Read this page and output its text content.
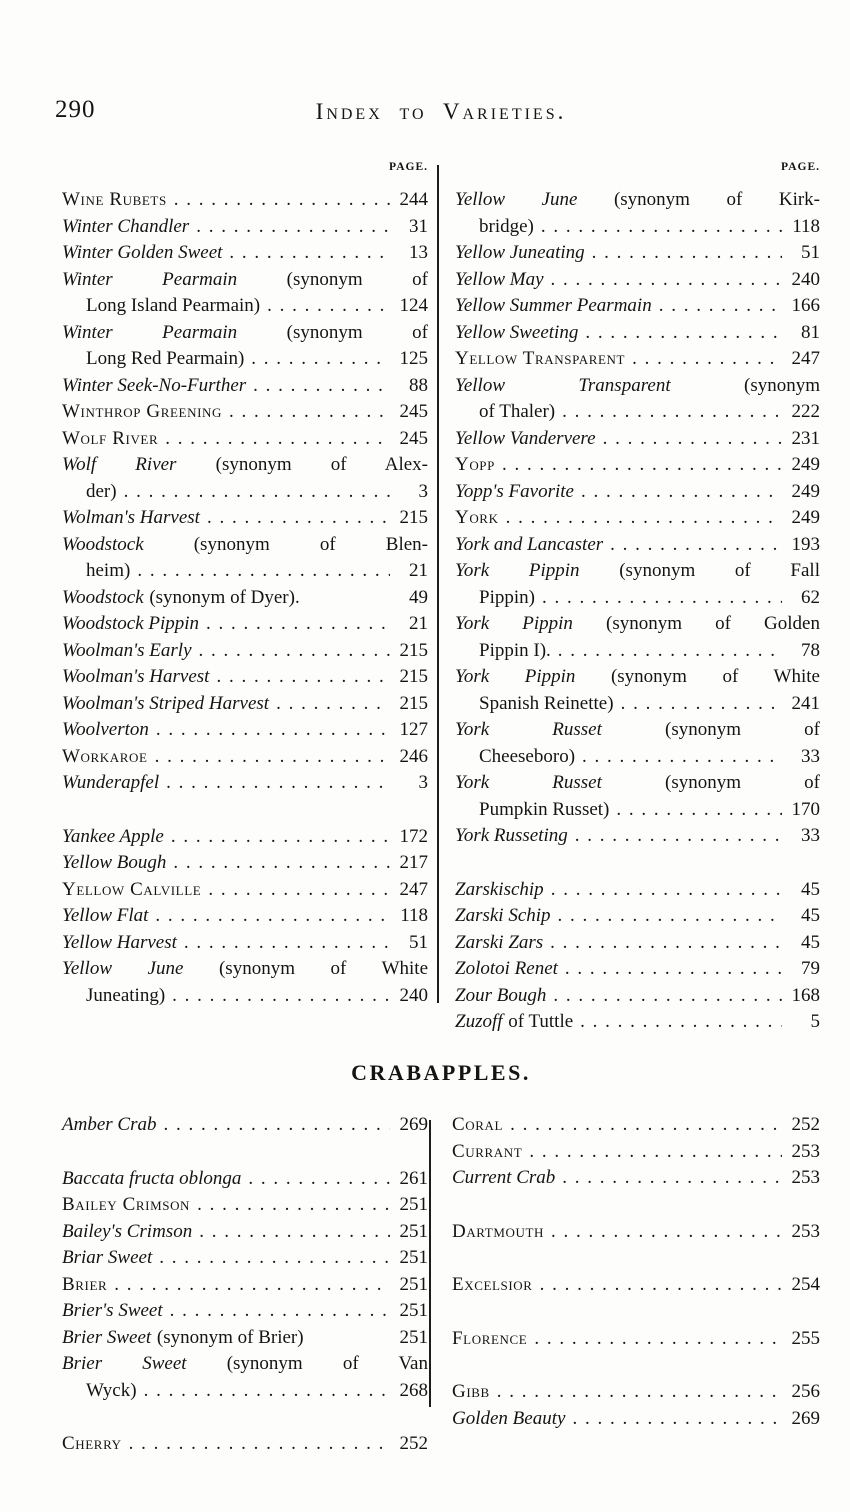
290	Index to Varieties.
PAGE.
Wine Rubets . . .	244
Winter Chandler . . .	31
Winter Golden Sweet . . .	13
Winter Pearmain	(synonym of
Long Island Pearmain) . . .	124
Winter Pearmain	(synonym of
Long Red Pearmain) . . .	125
Winter Seek-No-Further . . .	88
Winthrop Greening . . .	245
Wolf River . . .	245
Wolf River (synonym of Alex-
der) . . .	3
Wolman's Harvest . . .	215
Woodstock	(synonym of Blen-
heim) . . .	21
Woodstock (synonym of Dyer).	49
Woodstock Pippin . . .	21
Woolman's Early . . .	215
Woolman's Harvest . . .	215
Woolman's Striped Harvest . . .	215
Woolverton . . .	127
Workaroe . . .	246
Wunderapfel . . .	3
Yankee Apple . . .	172
Yellow Bough . . .	217
Yellow Calville . . .	247
Yellow Flat . . .	118
Yellow Harvest . . .	51
Yellow June (synonym of White
Juneating) . . .	240
PAGE.
Yellow June (synonym of Kirk-
bridge) . . .	118
Yellow Juneating . . .	51
Yellow May . . .	240
Yellow Summer Pearmain . . .	166
Yellow Sweeting . . .	81
Yellow Transparent . . .	247
Yellow Transparent	(synonym
of Thaler) . . .	222
Yellow Vandervere . . .	231
Yopp . . .	249
Yopp's Favorite . . .	249
York . . .	249
York and Lancaster . . .	193
York Pippin (synonym of Fall
Pippin) . . .	62
York Pippin (synonym of Golden
Pippin I). . . .	78
York Pippin (synonym of White
Spanish Reinette) . . .	241
York Russet	(synonym of
Cheeseboro) . . .	33
York Russet	(synonym of
Pumpkin Russet) . . .	170
York Russeting . . .	33
Zarskischip . . .	45
Zarski Schip . . .	45
Zarski Zars . . .	45
Zolotoi Renet . . .	79
Zour Bough . . .	168
Zuzoff of Tuttle . . .	5
CRABAPPLES.
Amber Crab . . .	269
Baccata fructa oblonga . . .	261
Bailey Crimson . . .	251
Bailey's Crimson . . .	251
Briar Sweet . . .	251
Brier . . .	251
Brier's Sweet . . .	251
Brier Sweet (synonym of Brier)	251
Brier Sweet (synonym of Van
Wyck) . . .	268
Cherry . . .	252
Coral . . .	252
Currant . . .	253
Current Crab . . .	253
Dartmouth . . .	253
Excelsior . . .	254
Florence . . .	255
Gibb . . .	256
Golden Beauty . . .	269
